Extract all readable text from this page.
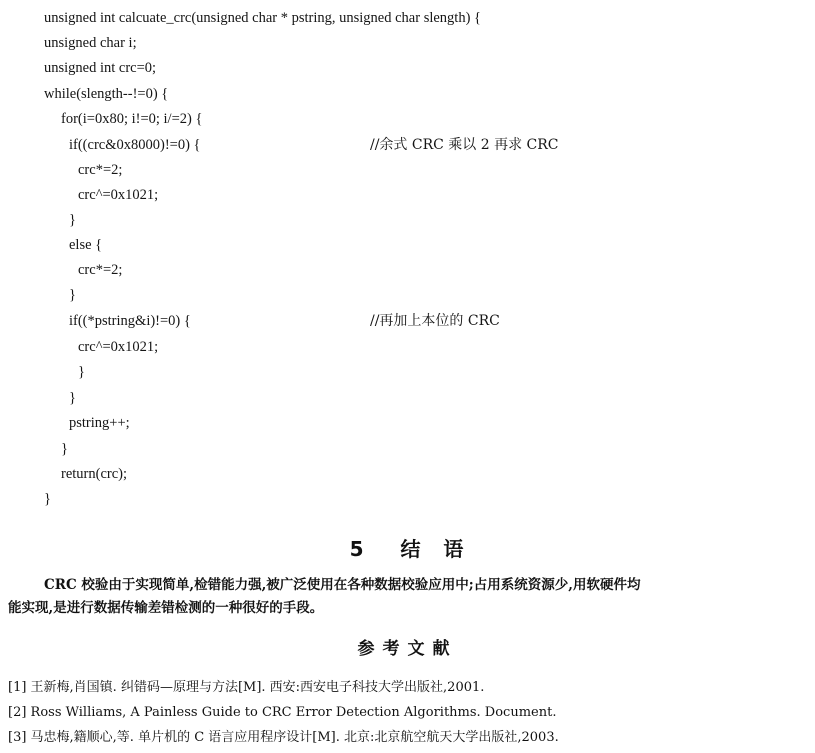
unsigned int calcuate_crc(unsigned char * pstring, unsigned char slength) {
unsigned char i;
unsigned int crc=0;
while(slength--!=0) {
for(i=0x80; i!=0; i/=2) {
if((crc&0x8000)!=0) {	//余式 CRC 乘以 2 再求 CRC
crc*=2;
crc^=0x1021;
}
else {
crc*=2;
}
if((*pstring&i)!=0) {	//再加上本位的 CRC
crc^=0x1021;
}
}
pstring++;
}
return(crc);
}
5 结 语
CRC 校验由于实现简单,检错能力强,被广泛使用在各种数据校验应用中;占用系统资源少,用软硬件均
能实现,是进行数据传输差错检测的一种很好的手段。
参考文献
[1] 王新梅,肖国镇. 纠错码—原理与方法[M]. 西安:西安电子科技大学出版社,2001.
[2] Ross Williams, A Painless Guide to CRC Error Detection Algorithms. Document.
[3] 马忠梅,籍顺心,等. 单片机的 C 语言应用程序设计[M]. 北京:北京航空航天大学出版社,2003.
